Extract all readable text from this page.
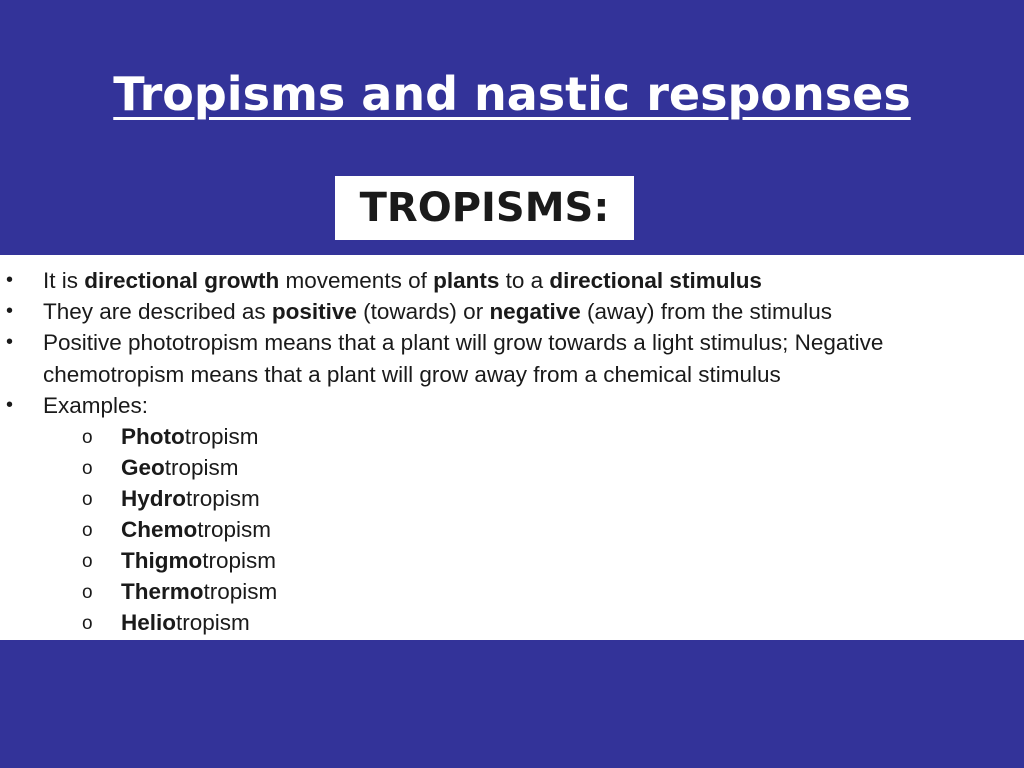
Tropisms and nastic responses
TROPISMS:
• It is directional growth movements of plants to a directional stimulus
• They are described as positive (towards) or negative (away) from the stimulus
• Positive phototropism means that a plant will grow towards a light stimulus; Negative
chemotropism means that a plant will grow away from a chemical stimulus
• Examples:
o Phototropism
o Geotropism
o Hydrotropism
o Chemotropism
o Thigmotropism
o Thermotropism
o Heliotropism
